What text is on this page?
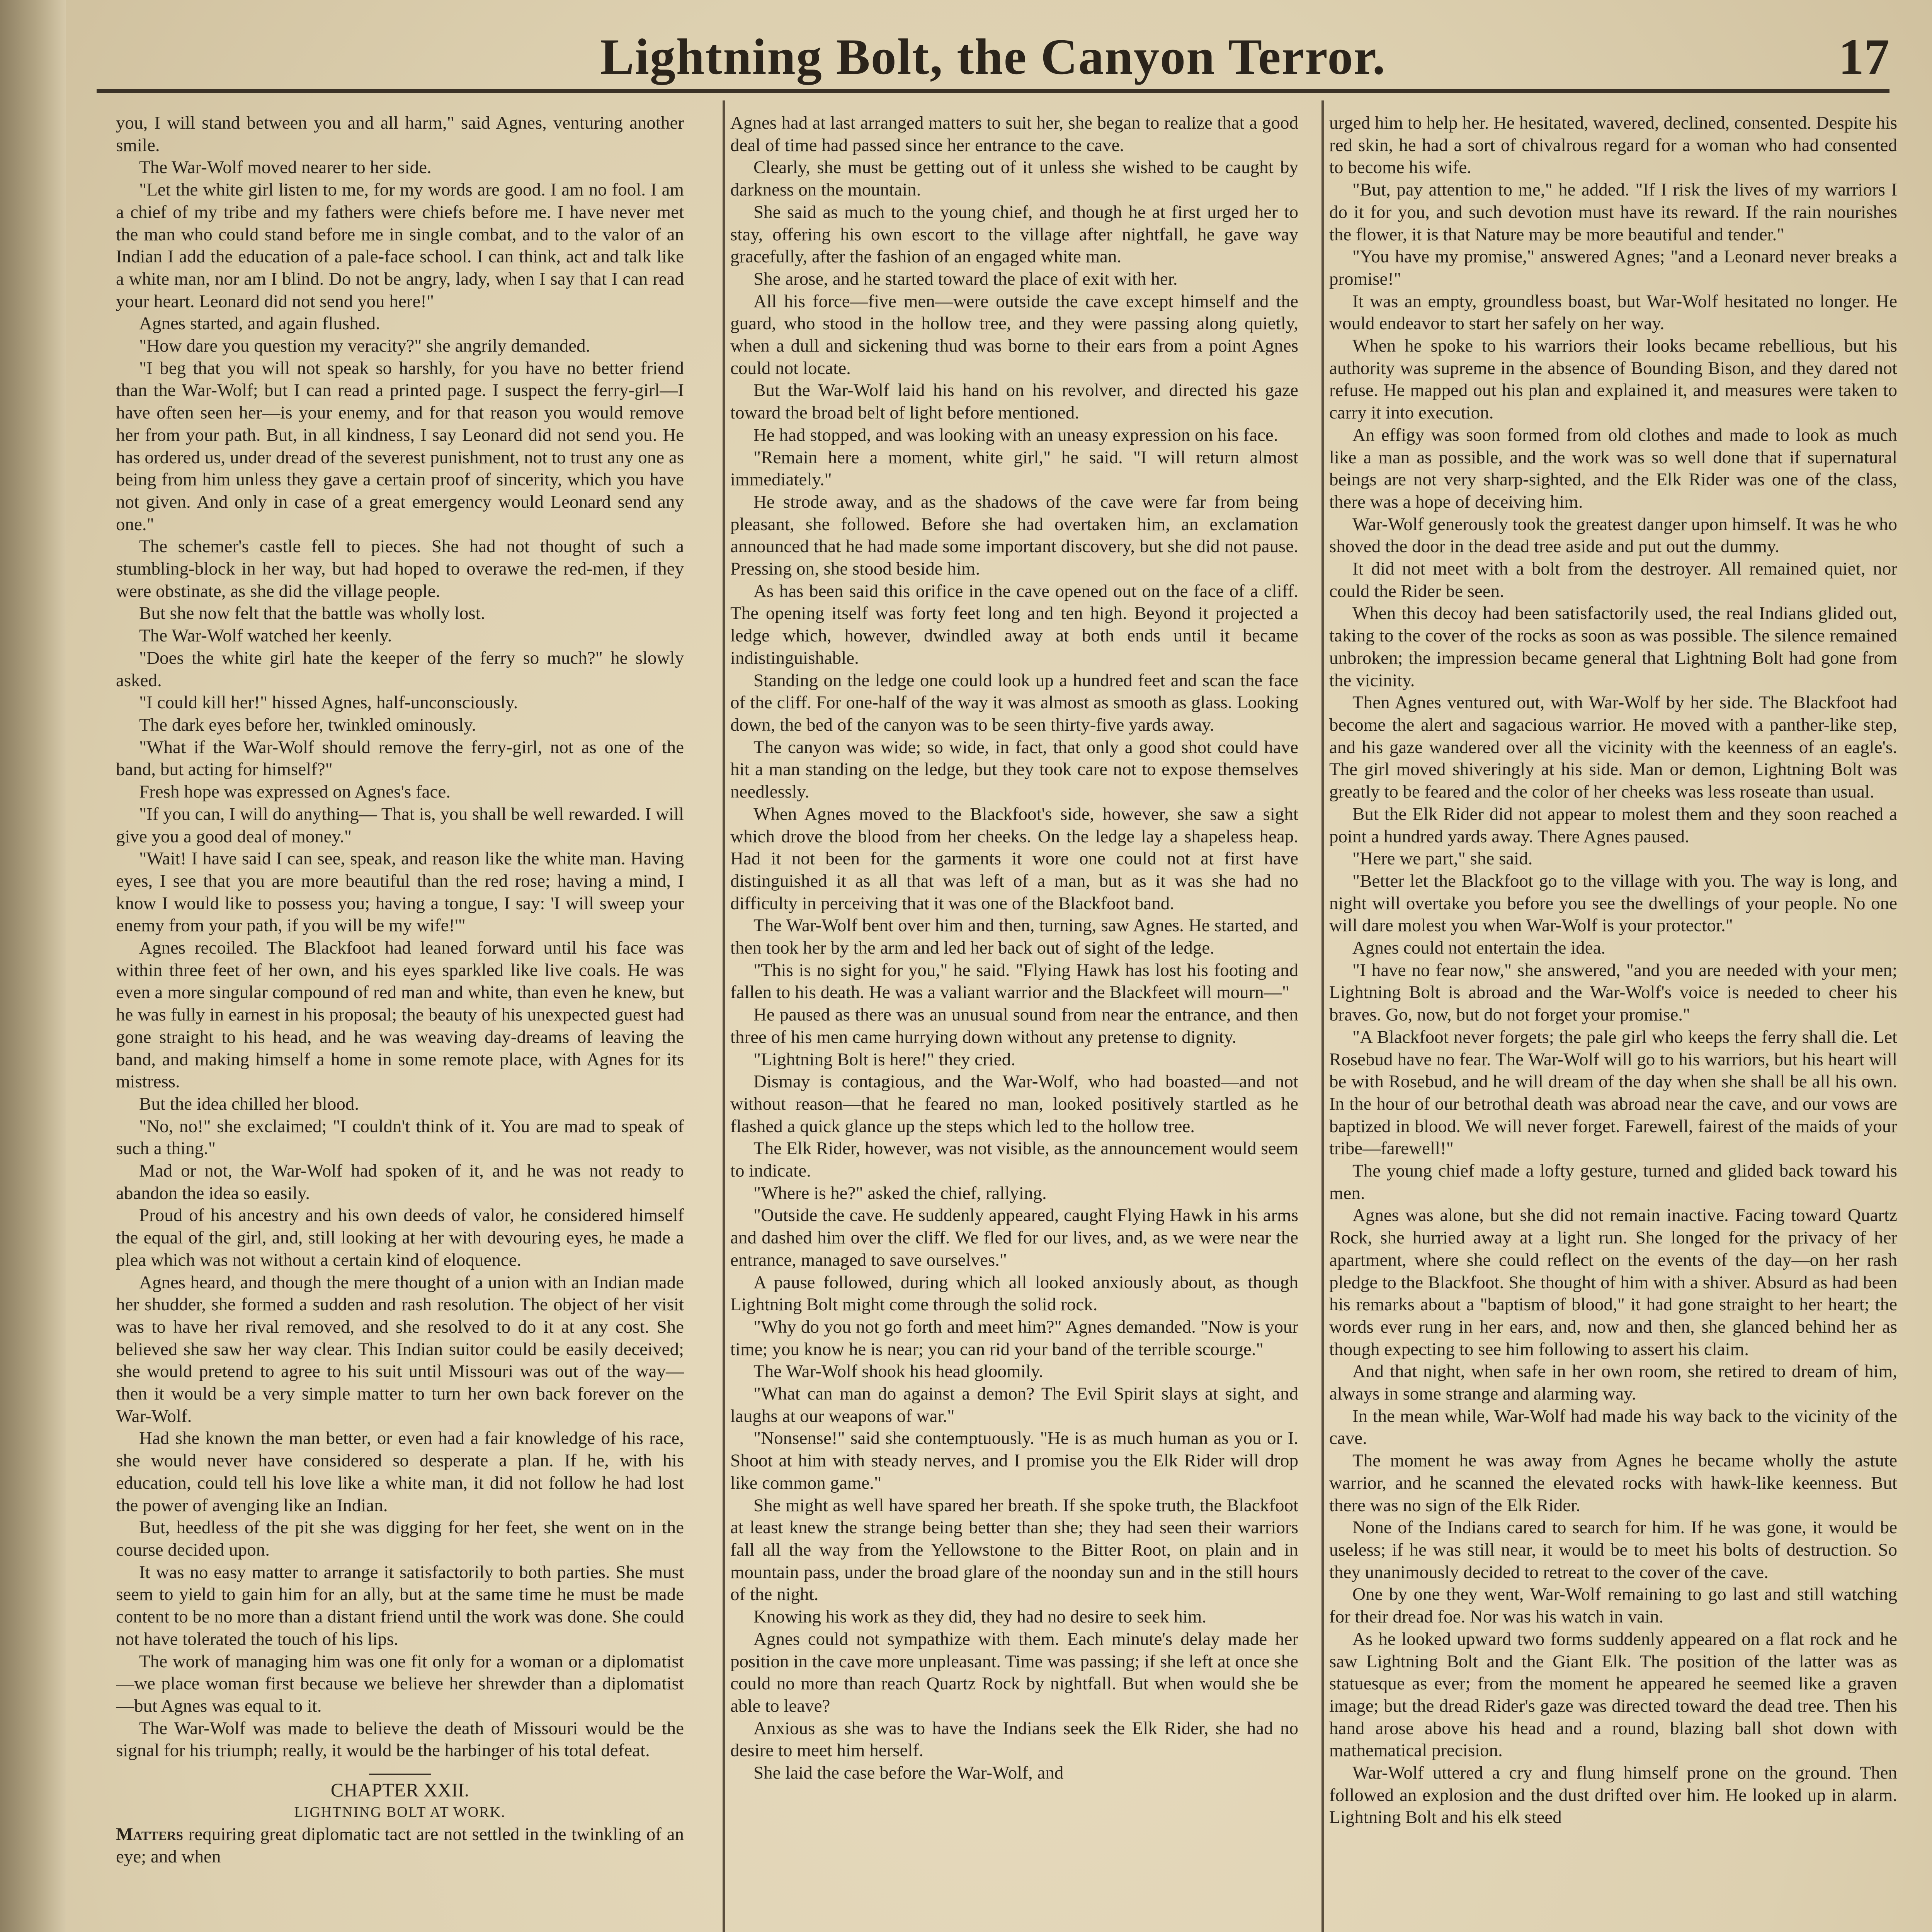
Lightning Bolt, the Canyon Terror.	17

you, I will stand between you and all harm," said Agnes, venturing another smile.

The War-Wolf moved nearer to her side.

"Let the white girl listen to me, for my words are good. I am no fool. I am a chief of my tribe and my fathers were chiefs before me. I have never met the man who could stand before me in single combat, and to the valor of an Indian I add the education of a pale-face school. I can think, act and talk like a white man, nor am I blind. Do not be angry, lady, when I say that I can read your heart. Leonard did not send you here!"

Agnes started, and again flushed.

"How dare you question my veracity?" she angrily demanded.

"I beg that you will not speak so harshly, for you have no better friend than the War-Wolf; but I can read a printed page. I suspect the ferry-girl—I have often seen her—is your enemy, and for that reason you would remove her from your path. But, in all kindness, I say Leonard did not send you. He has ordered us, under dread of the severest punishment, not to trust any one as being from him unless they gave a certain proof of sincerity, which you have not given. And only in case of a great emergency would Leonard send any one."

The schemer's castle fell to pieces. She had not thought of such a stumbling-block in her way, but had hoped to overawe the red-men, if they were obstinate, as she did the village people.

But she now felt that the battle was wholly lost.

The War-Wolf watched her keenly.

"Does the white girl hate the keeper of the ferry so much?" he slowly asked.

"I could kill her!" hissed Agnes, half-unconsciously.

The dark eyes before her, twinkled ominously.

"What if the War-Wolf should remove the ferry-girl, not as one of the band, but acting for himself?"

Fresh hope was expressed on Agnes's face.

"If you can, I will do anything— That is, you shall be well rewarded. I will give you a good deal of money."

"Wait! I have said I can see, speak, and reason like the white man. Having eyes, I see that you are more beautiful than the red rose; having a mind, I know I would like to possess you; having a tongue, I say: 'I will sweep your enemy from your path, if you will be my wife!'"

Agnes recoiled. The Blackfoot had leaned forward until his face was within three feet of her own, and his eyes sparkled like live coals. He was even a more singular compound of red man and white, than even he knew, but he was fully in earnest in his proposal; the beauty of his unexpected guest had gone straight to his head, and he was weaving day-dreams of leaving the band, and making himself a home in some remote place, with Agnes for its mistress.

But the idea chilled her blood.

"No, no!" she exclaimed; "I couldn't think of it. You are mad to speak of such a thing."

Mad or not, the War-Wolf had spoken of it, and he was not ready to abandon the idea so easily.

Proud of his ancestry and his own deeds of valor, he considered himself the equal of the girl, and, still looking at her with devouring eyes, he made a plea which was not without a certain kind of eloquence.

Agnes heard, and though the mere thought of a union with an Indian made her shudder, she formed a sudden and rash resolution. The object of her visit was to have her rival removed, and she resolved to do it at any cost. She believed she saw her way clear. This Indian suitor could be easily deceived; she would pretend to agree to his suit until Missouri was out of the way—then it would be a very simple matter to turn her own back forever on the War-Wolf.

Had she known the man better, or even had a fair knowledge of his race, she would never have considered so desperate a plan. If he, with his education, could tell his love like a white man, it did not follow he had lost the power of avenging like an Indian.

But, heedless of the pit she was digging for her feet, she went on in the course decided upon.

It was no easy matter to arrange it satisfactorily to both parties. She must seem to yield to gain him for an ally, but at the same time he must be made content to be no more than a distant friend until the work was done. She could not have tolerated the touch of his lips.

The work of managing him was one fit only for a woman or a diplomatist—we place woman first because we believe her shrewder than a diplomatist—but Agnes was equal to it.

The War-Wolf was made to believe the death of Missouri would be the signal for his triumph; really, it would be the harbinger of his total defeat.

CHAPTER XXII.

LIGHTNING BOLT AT WORK.

Matters requiring great diplomatic tact are not settled in the twinkling of an eye; and when

Agnes had at last arranged matters to suit her, she began to realize that a good deal of time had passed since her entrance to the cave.

Clearly, she must be getting out of it unless she wished to be caught by darkness on the mountain.

She said as much to the young chief, and though he at first urged her to stay, offering his own escort to the village after nightfall, he gave way gracefully, after the fashion of an engaged white man.

She arose, and he started toward the place of exit with her.

All his force—five men—were outside the cave except himself and the guard, who stood in the hollow tree, and they were passing along quietly, when a dull and sickening thud was borne to their ears from a point Agnes could not locate.

But the War-Wolf laid his hand on his revolver, and directed his gaze toward the broad belt of light before mentioned.

He had stopped, and was looking with an uneasy expression on his face.

"Remain here a moment, white girl," he said. "I will return almost immediately."

He strode away, and as the shadows of the cave were far from being pleasant, she followed. Before she had overtaken him, an exclamation announced that he had made some important discovery, but she did not pause. Pressing on, she stood beside him.

As has been said this orifice in the cave opened out on the face of a cliff. The opening itself was forty feet long and ten high. Beyond it projected a ledge which, however, dwindled away at both ends until it became indistinguishable.

Standing on the ledge one could look up a hundred feet and scan the face of the cliff. For one-half of the way it was almost as smooth as glass. Looking down, the bed of the canyon was to be seen thirty-five yards away.

The canyon was wide; so wide, in fact, that only a good shot could have hit a man standing on the ledge, but they took care not to expose themselves needlessly.

When Agnes moved to the Blackfoot's side, however, she saw a sight which drove the blood from her cheeks. On the ledge lay a shapeless heap. Had it not been for the garments it wore one could not at first have distinguished it as all that was left of a man, but as it was she had no difficulty in perceiving that it was one of the Blackfoot band.

The War-Wolf bent over him and then, turning, saw Agnes. He started, and then took her by the arm and led her back out of sight of the ledge.

"This is no sight for you," he said. "Flying Hawk has lost his footing and fallen to his death. He was a valiant warrior and the Blackfeet will mourn—"

He paused as there was an unusual sound from near the entrance, and then three of his men came hurrying down without any pretense to dignity.

"Lightning Bolt is here!" they cried.

Dismay is contagious, and the War-Wolf, who had boasted—and not without reason—that he feared no man, looked positively startled as he flashed a quick glance up the steps which led to the hollow tree.

The Elk Rider, however, was not visible, as the announcement would seem to indicate.

"Where is he?" asked the chief, rallying.

"Outside the cave. He suddenly appeared, caught Flying Hawk in his arms and dashed him over the cliff. We fled for our lives, and, as we were near the entrance, managed to save ourselves."

A pause followed, during which all looked anxiously about, as though Lightning Bolt might come through the solid rock.

"Why do you not go forth and meet him?" Agnes demanded. "Now is your time; you know he is near; you can rid your band of the terrible scourge."

The War-Wolf shook his head gloomily.

"What can man do against a demon? The Evil Spirit slays at sight, and laughs at our weapons of war."

"Nonsense!" said she contemptuously. "He is as much human as you or I. Shoot at him with steady nerves, and I promise you the Elk Rider will drop like common game."

She might as well have spared her breath. If she spoke truth, the Blackfoot at least knew the strange being better than she; they had seen their warriors fall all the way from the Yellowstone to the Bitter Root, on plain and in mountain pass, under the broad glare of the noonday sun and in the still hours of the night.

Knowing his work as they did, they had no desire to seek him.

Agnes could not sympathize with them. Each minute's delay made her position in the cave more unpleasant. Time was passing; if she left at once she could no more than reach Quartz Rock by nightfall. But when would she be able to leave?

Anxious as she was to have the Indians seek the Elk Rider, she had no desire to meet him herself.

She laid the case before the War-Wolf, and

urged him to help her. He hesitated, wavered, declined, consented. Despite his red skin, he had a sort of chivalrous regard for a woman who had consented to become his wife.

"But, pay attention to me," he added. "If I risk the lives of my warriors I do it for you, and such devotion must have its reward. If the rain nourishes the flower, it is that Nature may be more beautiful and tender."

"You have my promise," answered Agnes; "and a Leonard never breaks a promise!"

It was an empty, groundless boast, but War-Wolf hesitated no longer. He would endeavor to start her safely on her way.

When he spoke to his warriors their looks became rebellious, but his authority was supreme in the absence of Bounding Bison, and they dared not refuse. He mapped out his plan and explained it, and measures were taken to carry it into execution.

An effigy was soon formed from old clothes and made to look as much like a man as possible, and the work was so well done that if supernatural beings are not very sharp-sighted, and the Elk Rider was one of the class, there was a hope of deceiving him.

War-Wolf generously took the greatest danger upon himself. It was he who shoved the door in the dead tree aside and put out the dummy.

It did not meet with a bolt from the destroyer. All remained quiet, nor could the Rider be seen.

When this decoy had been satisfactorily used, the real Indians glided out, taking to the cover of the rocks as soon as was possible. The silence remained unbroken; the impression became general that Lightning Bolt had gone from the vicinity.

Then Agnes ventured out, with War-Wolf by her side. The Blackfoot had become the alert and sagacious warrior. He moved with a panther-like step, and his gaze wandered over all the vicinity with the keenness of an eagle's. The girl moved shiveringly at his side. Man or demon, Lightning Bolt was greatly to be feared and the color of her cheeks was less roseate than usual.

But the Elk Rider did not appear to molest them and they soon reached a point a hundred yards away. There Agnes paused.

"Here we part," she said.

"Better let the Blackfoot go to the village with you. The way is long, and night will overtake you before you see the dwellings of your people. No one will dare molest you when War-Wolf is your protector."

Agnes could not entertain the idea.

"I have no fear now," she answered, "and you are needed with your men; Lightning Bolt is abroad and the War-Wolf's voice is needed to cheer his braves. Go, now, but do not forget your promise."

"A Blackfoot never forgets; the pale girl who keeps the ferry shall die. Let Rosebud have no fear. The War-Wolf will go to his warriors, but his heart will be with Rosebud, and he will dream of the day when she shall be all his own. In the hour of our betrothal death was abroad near the cave, and our vows are baptized in blood. We will never forget. Farewell, fairest of the maids of your tribe—farewell!"

The young chief made a lofty gesture, turned and glided back toward his men.

Agnes was alone, but she did not remain inactive. Facing toward Quartz Rock, she hurried away at a light run. She longed for the privacy of her apartment, where she could reflect on the events of the day—on her rash pledge to the Blackfoot. She thought of him with a shiver. Absurd as had been his remarks about a "baptism of blood," it had gone straight to her heart; the words ever rung in her ears, and, now and then, she glanced behind her as though expecting to see him following to assert his claim.

And that night, when safe in her own room, she retired to dream of him, always in some strange and alarming way.

In the mean while, War-Wolf had made his way back to the vicinity of the cave.

The moment he was away from Agnes he became wholly the astute warrior, and he scanned the elevated rocks with hawk-like keenness. But there was no sign of the Elk Rider.

None of the Indians cared to search for him. If he was gone, it would be useless; if he was still near, it would be to meet his bolts of destruction. So they unanimously decided to retreat to the cover of the cave.

One by one they went, War-Wolf remaining to go last and still watching for their dread foe. Nor was his watch in vain.

As he looked upward two forms suddenly appeared on a flat rock and he saw Lightning Bolt and the Giant Elk. The position of the latter was as statuesque as ever; from the moment he appeared he seemed like a graven image; but the dread Rider's gaze was directed toward the dead tree. Then his hand arose above his head and a round, blazing ball shot down with mathematical precision.

War-Wolf uttered a cry and flung himself prone on the ground. Then followed an explosion and the dust drifted over him. He looked up in alarm. Lightning Bolt and his elk steed
